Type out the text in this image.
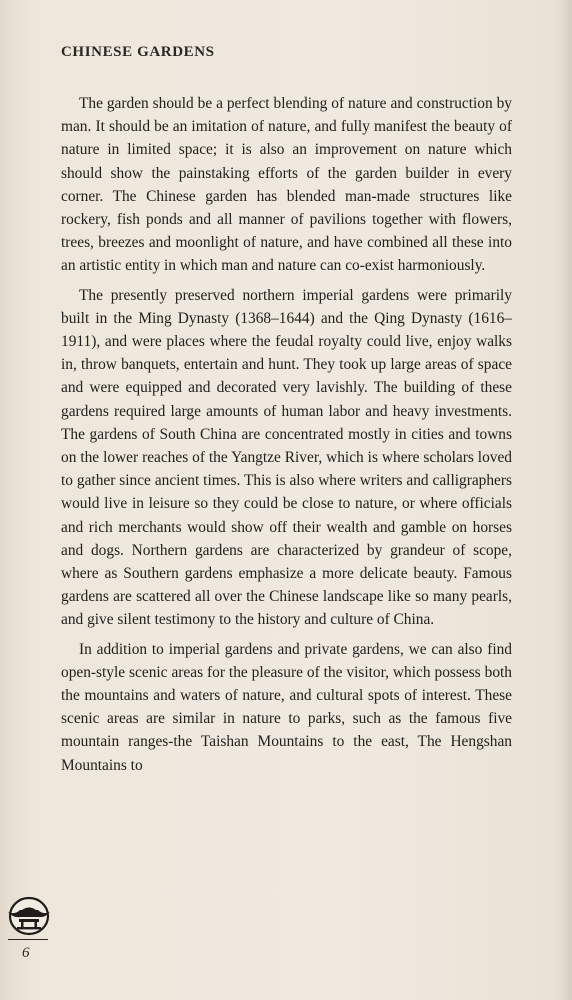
CHINESE GARDENS

The garden should be a perfect blending of nature and construction by man. It should be an imitation of nature, and fully manifest the beauty of nature in limited space; it is also an improvement on nature which should show the painstaking efforts of the garden builder in every corner. The Chinese garden has blended man-made structures like rockery, fish ponds and all manner of pavilions together with flowers, trees, breezes and moonlight of nature, and have combined all these into an artistic entity in which man and nature can co-exist harmoniously.

The presently preserved northern imperial gardens were primarily built in the Ming Dynasty (1368–1644) and the Qing Dynasty (1616–1911), and were places where the feudal royalty could live, enjoy walks in, throw banquets, entertain and hunt. They took up large areas of space and were equipped and decorated very lavishly. The building of these gardens required large amounts of human labor and heavy investments. The gardens of South China are concentrated mostly in cities and towns on the lower reaches of the Yangtze River, which is where scholars loved to gather since ancient times. This is also where writers and calligraphers would live in leisure so they could be close to nature, or where officials and rich merchants would show off their wealth and gamble on horses and dogs. Northern gardens are characterized by grandeur of scope, where as Southern gardens emphasize a more delicate beauty. Famous gardens are scattered all over the Chinese landscape like so many pearls, and give silent testimony to the history and culture of China.

In addition to imperial gardens and private gardens, we can also find open-style scenic areas for the pleasure of the visitor, which possess both the mountains and waters of nature, and cultural spots of interest. These scenic areas are similar in nature to parks, such as the famous five mountain ranges-the Taishan Mountains to the east, The Hengshan Mountains to

6
